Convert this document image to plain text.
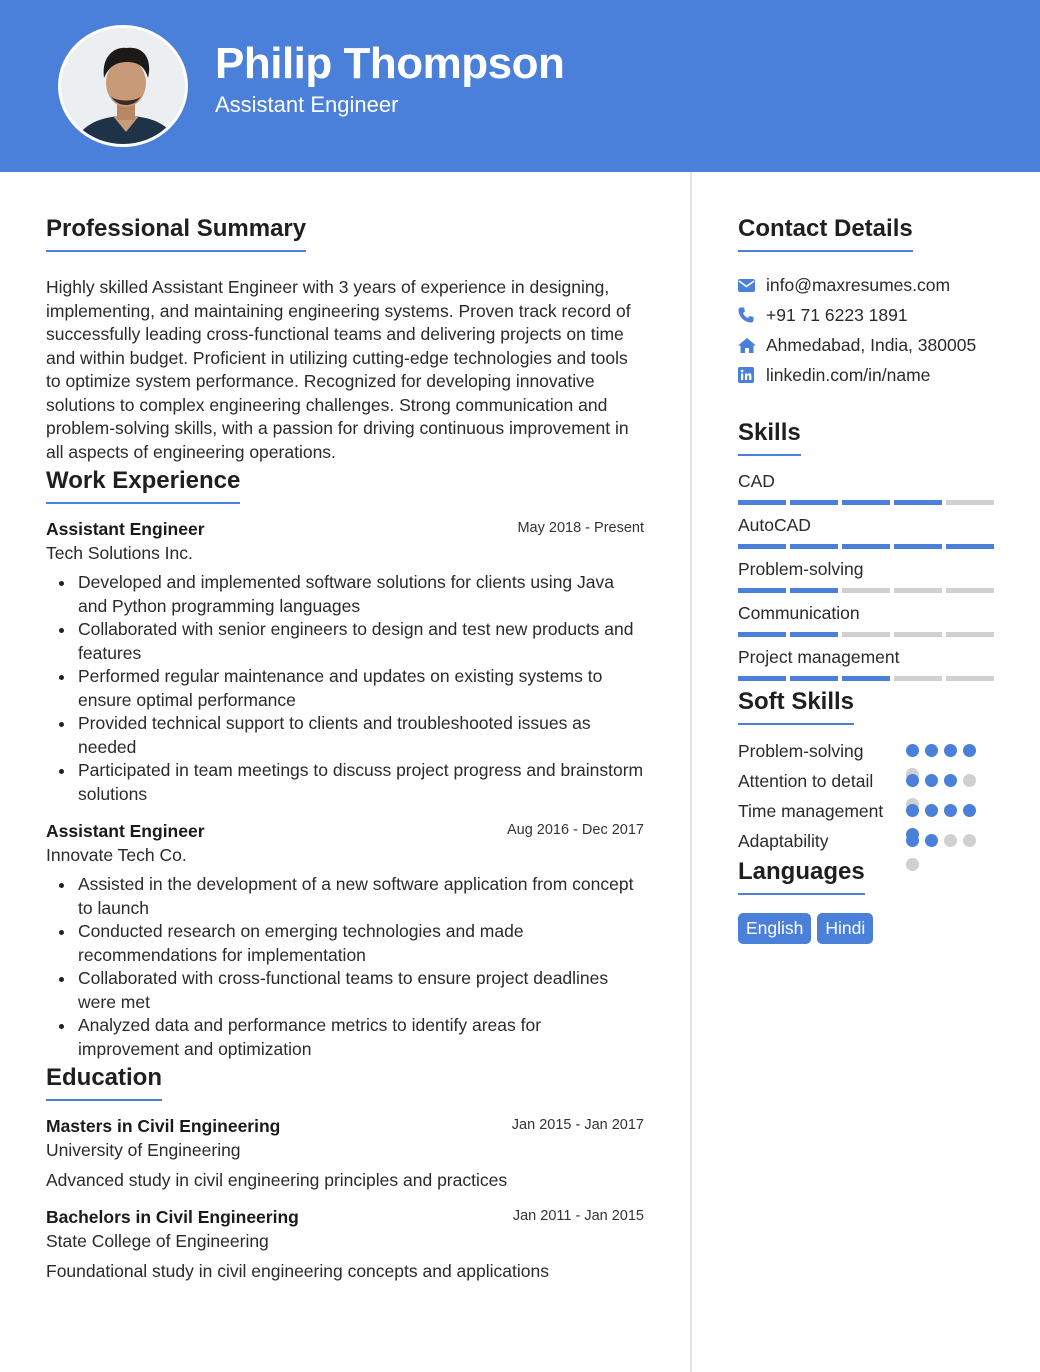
Philip Thompson
Assistant Engineer
Professional Summary

Highly skilled Assistant Engineer with 3 years of experience in designing, implementing, and maintaining engineering systems. Proven track record of successfully leading cross-functional teams and delivering projects on time and within budget. Proficient in utilizing cutting-edge technologies and tools to optimize system performance. Recognized for developing innovative solutions to complex engineering challenges. Strong communication and problem-solving skills, with a passion for driving continuous improvement in all aspects of engineering operations.

Work Experience
Assistant Engineer	May 2018 - Present
Tech Solutions Inc.
Developed and implemented software solutions for clients using Java and Python programming languages
Collaborated with senior engineers to design and test new products and features
Performed regular maintenance and updates on existing systems to ensure optimal performance
Provided technical support to clients and troubleshooted issues as needed
Participated in team meetings to discuss project progress and brainstorm solutions
Assistant Engineer	Aug 2016 - Dec 2017
Innovate Tech Co.
Assisted in the development of a new software application from concept to launch
Conducted research on emerging technologies and made recommendations for implementation
Collaborated with cross-functional teams to ensure project deadlines were met
Analyzed data and performance metrics to identify areas for improvement and optimization
Education
Masters in Civil Engineering	Jan 2015 - Jan 2017
University of Engineering
Advanced study in civil engineering principles and practices
Bachelors in Civil Engineering	Jan 2011 - Jan 2015
State College of Engineering
Foundational study in civil engineering concepts and applications
Contact Details
info@maxresumes.com
+91 71 6223 1891
Ahmedabad, India, 380005
linkedin.com/in/name
Skills
CAD
AutoCAD
Problem-solving
Communication
Project management
Soft Skills
Problem-solving
Attention to detail
Time management
Adaptability
Languages
English	Hindi
